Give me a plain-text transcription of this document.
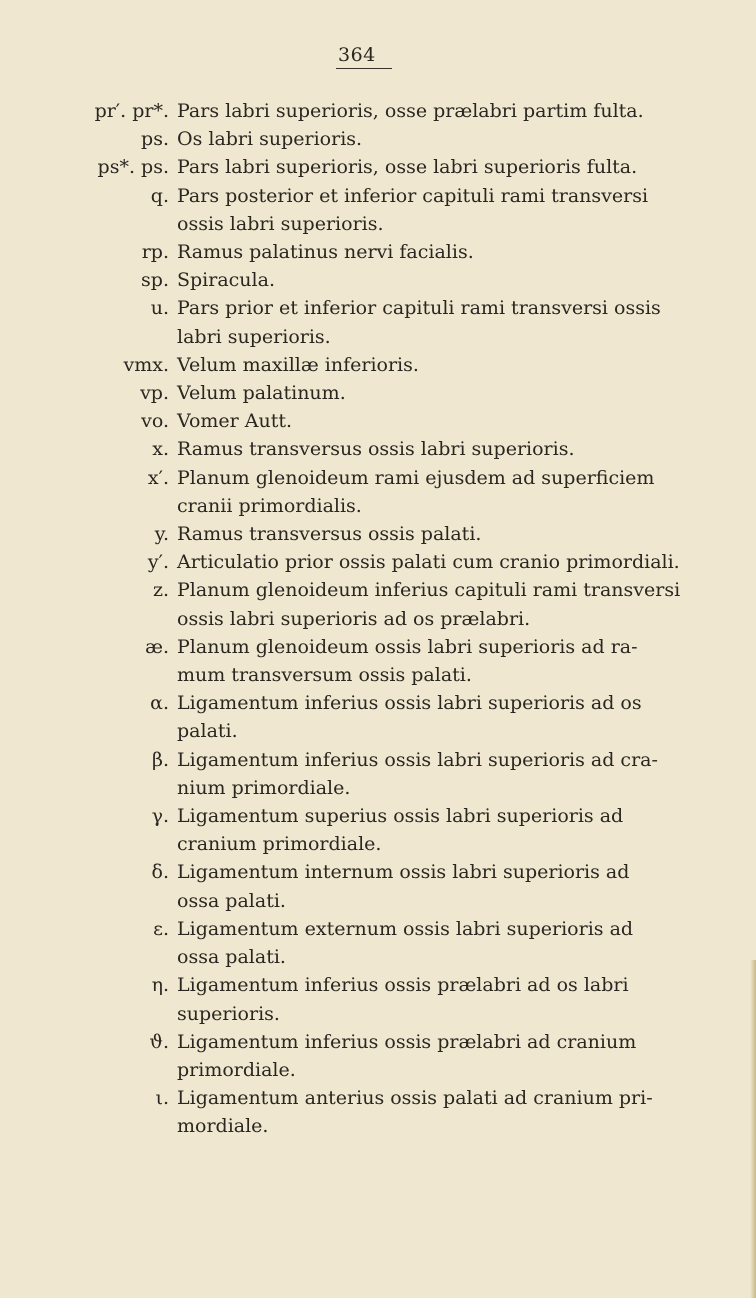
364
pr′. pr*. Pars labri superioris, osse prælabri partim fulta.
ps. Os labri superioris.
ps*. ps. Pars labri superioris, osse labri superioris fulta.
q. Pars posterior et inferior capituli rami transversi
ossis labri superioris.
rp. Ramus palatinus nervi facialis.
sp. Spiracula.
u. Pars prior et inferior capituli rami transversi ossis
labri superioris.
vmx. Velum maxillæ inferioris.
vp. Velum palatinum.
vo. Vomer Autt.
x. Ramus transversus ossis labri superioris.
x′. Planum glenoideum rami ejusdem ad superficiem
cranii primordialis.
y. Ramus transversus ossis palati.
y′. Articulatio prior ossis palati cum cranio primordiali.
z. Planum glenoideum inferius capituli rami transversi
ossis labri superioris ad os prælabri.
æ. Planum glenoideum ossis labri superioris ad ra-
mum transversum ossis palati.
α. Ligamentum inferius ossis labri superioris ad os
palati.
β. Ligamentum inferius ossis labri superioris ad cra-
nium primordiale.
γ. Ligamentum superius ossis labri superioris ad
cranium primordiale.
δ. Ligamentum internum ossis labri superioris ad
ossa palati.
ε. Ligamentum externum ossis labri superioris ad
ossa palati.
η. Ligamentum inferius ossis prælabri ad os labri
superioris.
ϑ. Ligamentum inferius ossis prælabri ad cranium
primordiale.
ι. Ligamentum anterius ossis palati ad cranium pri-
mordiale.
